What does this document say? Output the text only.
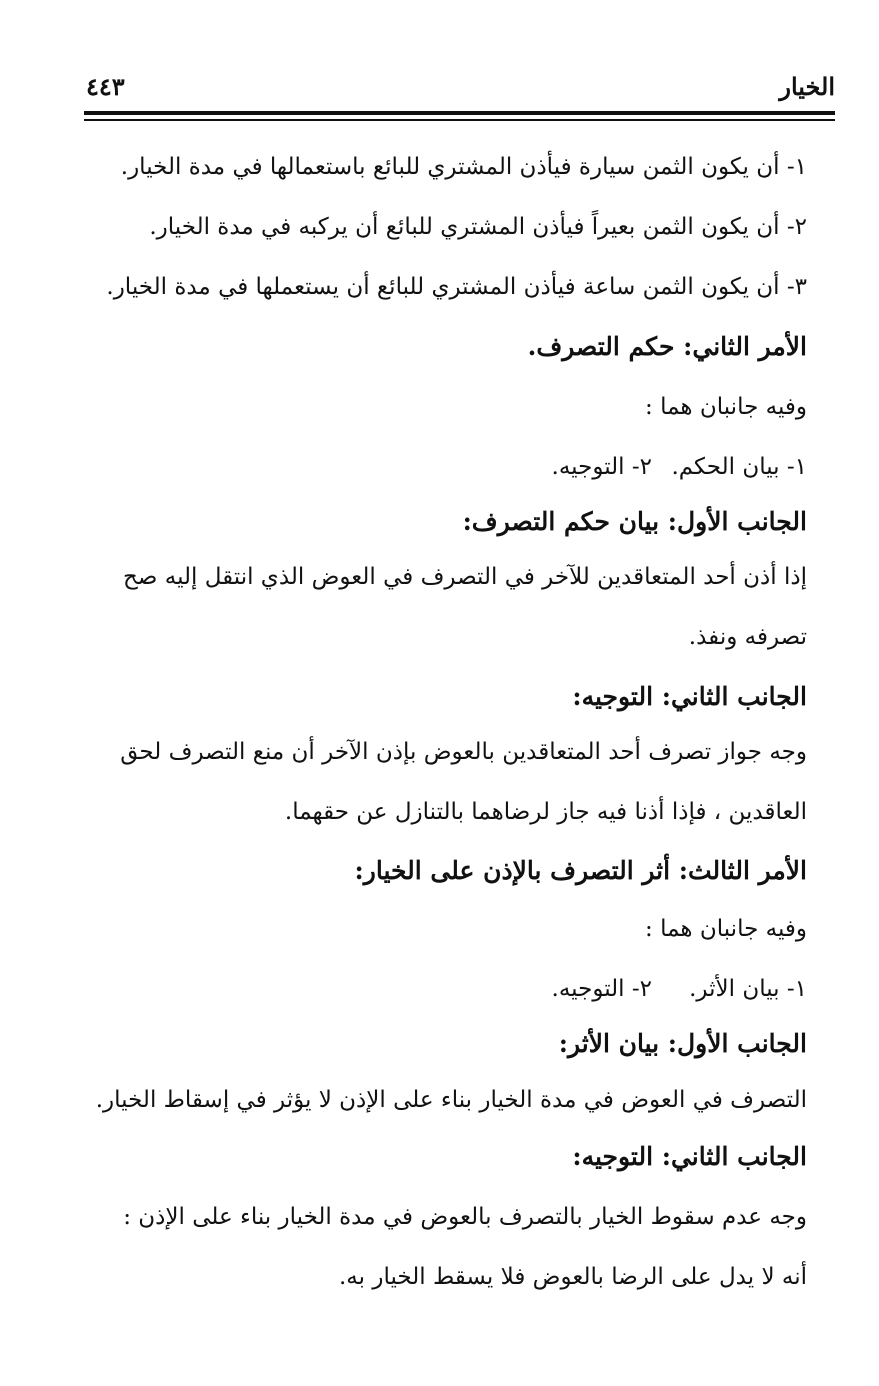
الخيار
٤٤٣
١- أن يكون الثمن سيارة فيأذن المشتري للبائع باستعمالها في مدة الخيار.
٢- أن يكون الثمن بعيراً فيأذن المشتري للبائع أن يركبه في مدة الخيار.
٣- أن يكون الثمن ساعة فيأذن المشتري للبائع أن يستعملها في مدة الخيار.
الأمر الثاني: حكم التصرف.
وفيه جانبان هما :
١- بيان الحكم.
٢- التوجيه.
الجانب الأول: بيان حكم التصرف:
إذا أذن أحد المتعاقدين للآخر في التصرف في العوض الذي انتقل إليه صح
تصرفه ونفذ.
الجانب الثاني: التوجيه:
وجه جواز تصرف أحد المتعاقدين بالعوض بإذن الآخر أن منع التصرف لحق
العاقدين ، فإذا أذنا فيه جاز لرضاهما بالتنازل عن حقهما.
الأمر الثالث: أثر التصرف بالإذن على الخيار:
وفيه جانبان هما :
١- بيان الأثر.
٢- التوجيه.
الجانب الأول: بيان الأثر:
التصرف في العوض في مدة الخيار بناء على الإذن لا يؤثر في إسقاط الخيار.
الجانب الثاني: التوجيه:
وجه عدم سقوط الخيار بالتصرف بالعوض في مدة الخيار بناء على الإذن :
أنه لا يدل على الرضا بالعوض فلا يسقط الخيار به.
